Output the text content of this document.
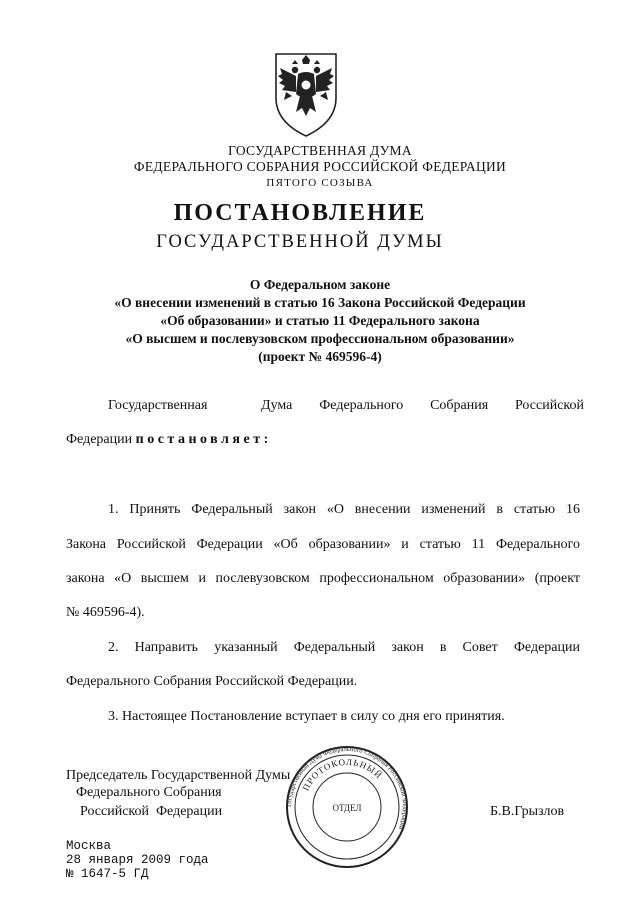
ГОСУДАРСТВЕННАЯ ДУМА
ФЕДЕРАЛЬНОГО СОБРАНИЯ РОССИЙСКОЙ ФЕДЕРАЦИИ
ПЯТОГО СОЗЫВА
ПОСТАНОВЛЕНИЕ
ГОСУДАРСТВЕННОЙ ДУМЫ
О Федеральном законе
«О внесении изменений в статью 16 Закона Российской Федерации
«Об образовании» и статью 11 Федерального закона
«О высшем и послевузовском профессиональном образовании»
(проект № 469596-4)
Государственная    Дума  Федерального  Собрания  Российской
Федерации постановляет:
1. Принять Федеральный закон «О внесении изменений в статью 16
Закона Российской Федерации «Об образовании» и статью 11 Федерального
закона «О высшем и послевузовском профессиональном образовании» (проект
№ 469596-4).
2. Направить указанный Федеральный закон в Совет Федерации
Федерального Собрания Российской Федерации.
3. Настоящее Постановление вступает в силу со дня его принятия.
Председатель Государственной Думы
Федерального Собрания
Российской  Федерации	Б.В.Грызлов
Государственная Дума Федерального Собрания Российской Федерации
ПРОТОКОЛЬНЫЙ
ОТДЕЛ
Москва
28 января 2009 года
№ 1647-5 ГД
